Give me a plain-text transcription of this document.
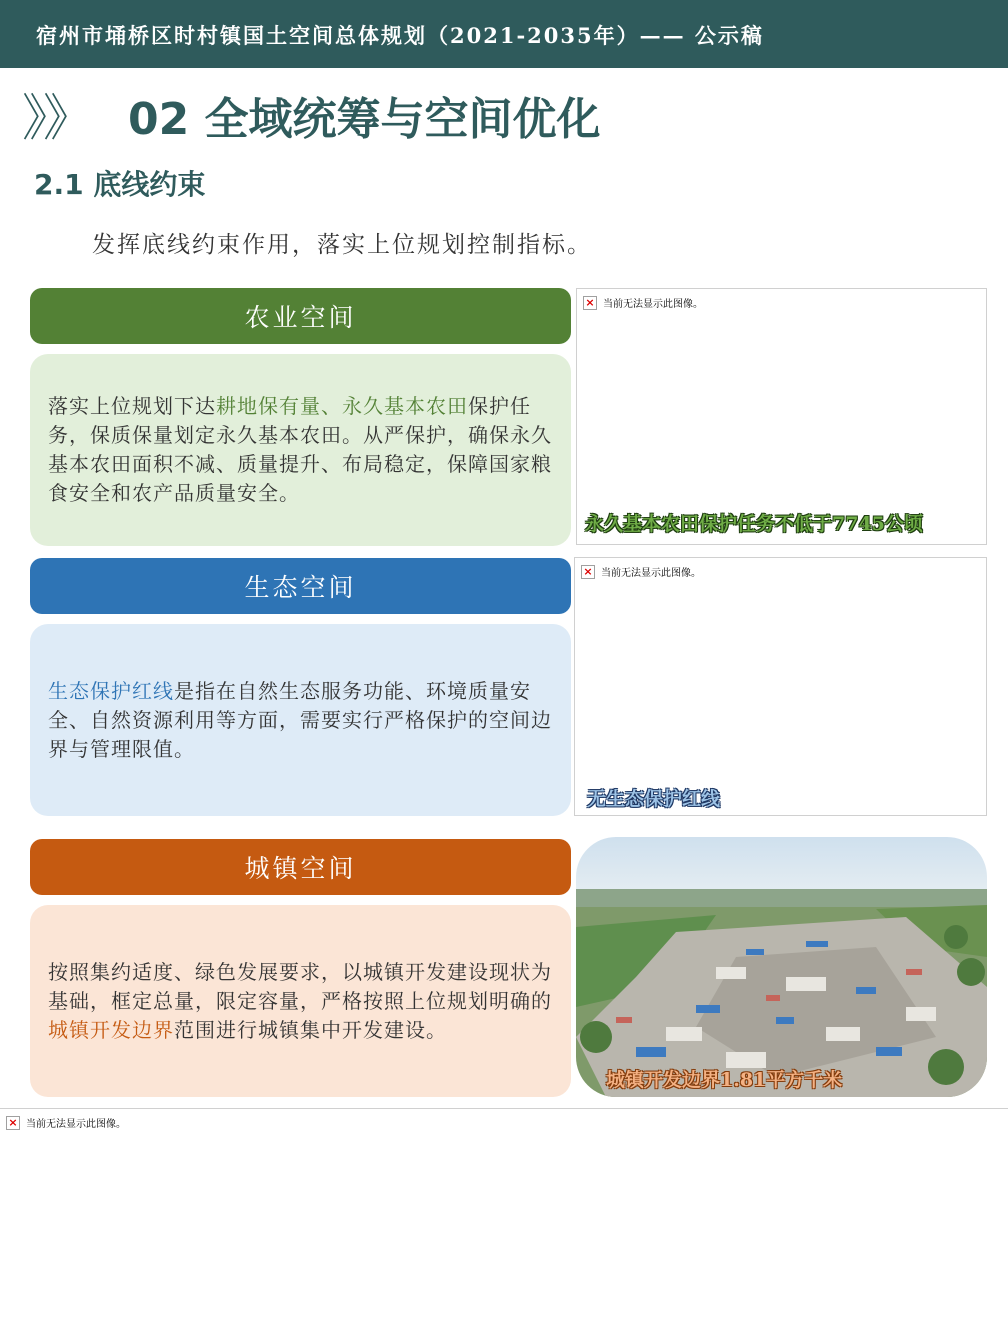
宿州市埇桥区时村镇国土空间总体规划（2021-2035年）—— 公示稿
》》 02 全域统筹与空间优化
2.1 底线约束
发挥底线约束作用，落实上位规划控制指标。
农业空间

落实上位规划下达耕地保有量、永久基本农田保护任务，保质保量划定永久基本农田。从严保护，确保永久基本农田面积不减、质量提升、布局稳定，保障国家粮食安全和农产品质量安全。

× 当前无法显示此图像。
永久基本农田保护任务不低于7745公顷
生态空间

生态保护红线是指在自然生态服务功能、环境质量安全、自然资源利用等方面，需要实行严格保护的空间边界与管理限值。

× 当前无法显示此图像。
无生态保护红线
城镇空间

按照集约适度、绿色发展要求，以城镇开发建设现状为基础，框定总量，限定容量，严格按照上位规划明确的城镇开发边界范围进行城镇集中开发建设。

城镇开发边界1.81平方千米
× 当前无法显示此图像。
